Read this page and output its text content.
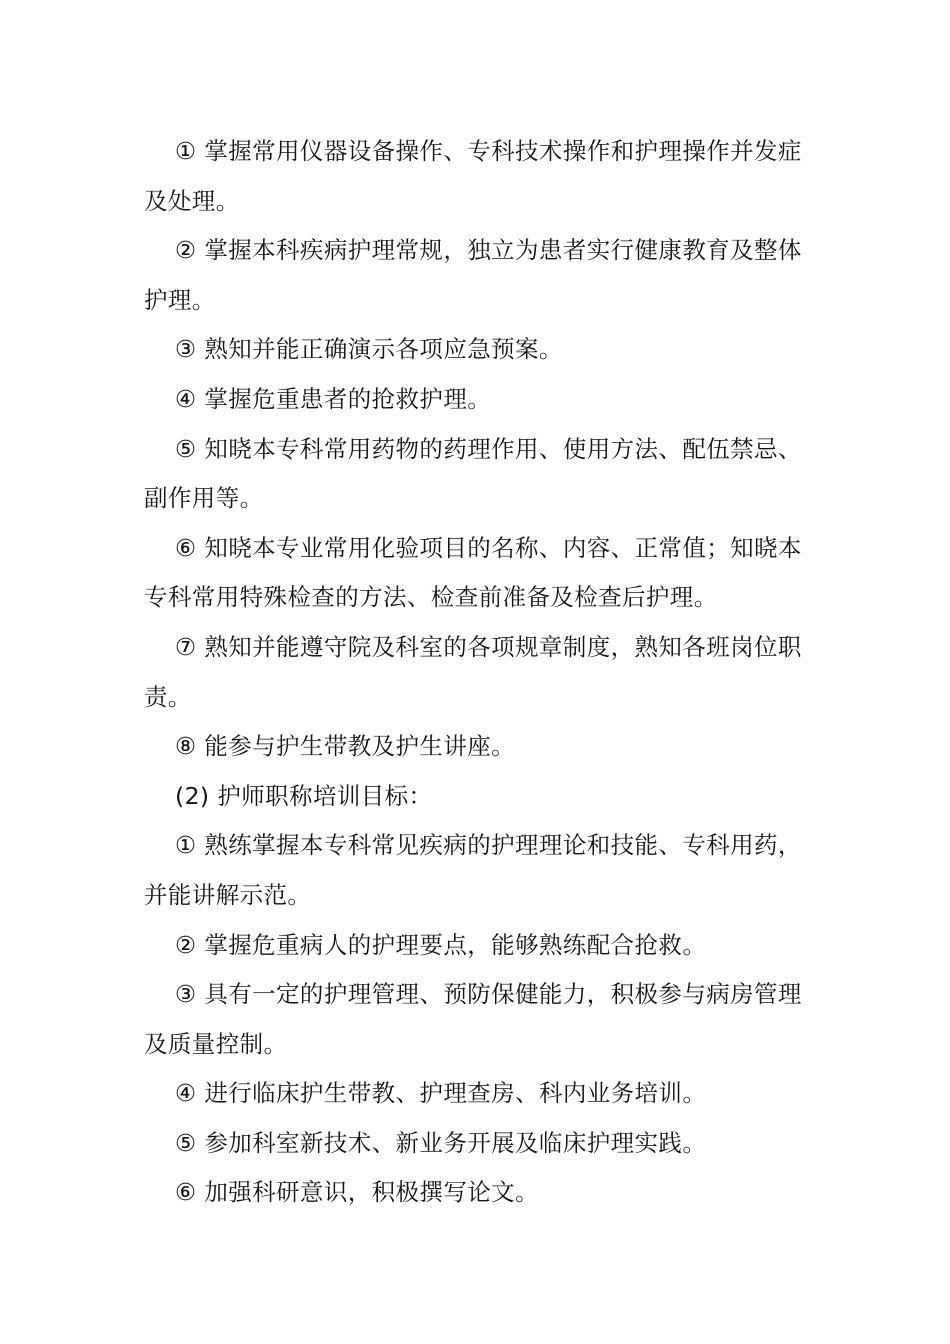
① 掌握常用仪器设备操作、专科技术操作和护理操作并发症及处理。

② 掌握本科疾病护理常规，独立为患者实行健康教育及整体护理。

③ 熟知并能正确演示各项应急预案。

④ 掌握危重患者的抢救护理。

⑤ 知晓本专科常用药物的药理作用、使用方法、配伍禁忌、副作用等。

⑥ 知晓本专业常用化验项目的名称、内容、正常值；知晓本专科常用特殊检查的方法、检查前准备及检查后护理。

⑦ 熟知并能遵守院及科室的各项规章制度，熟知各班岗位职责。

⑧ 能参与护生带教及护生讲座。

(2) 护师职称培训目标：

① 熟练掌握本专科常见疾病的护理理论和技能、专科用药，并能讲解示范。

② 掌握危重病人的护理要点，能够熟练配合抢救。

③ 具有一定的护理管理、预防保健能力，积极参与病房管理及质量控制。

④ 进行临床护生带教、护理查房、科内业务培训。

⑤ 参加科室新技术、新业务开展及临床护理实践。

⑥ 加强科研意识，积极撰写论文。
